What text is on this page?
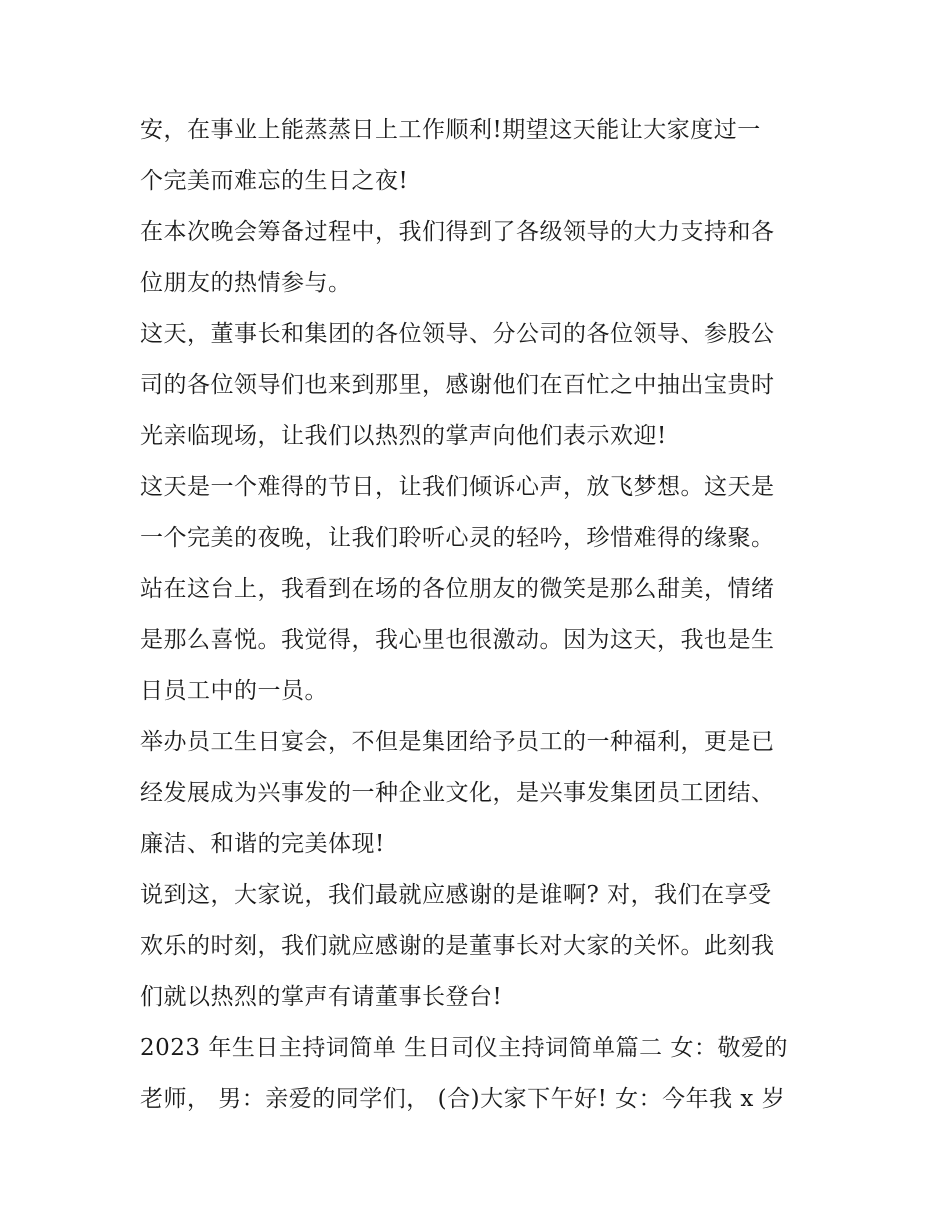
安，在事业上能蒸蒸日上工作顺利!期望这天能让大家度过一
个完美而难忘的生日之夜!
在本次晚会筹备过程中，我们得到了各级领导的大力支持和各
位朋友的热情参与。
这天，董事长和集团的各位领导、分公司的各位领导、参股公
司的各位领导们也来到那里，感谢他们在百忙之中抽出宝贵时
光亲临现场，让我们以热烈的掌声向他们表示欢迎!
这天是一个难得的节日，让我们倾诉心声，放飞梦想。这天是
一个完美的夜晚，让我们聆听心灵的轻吟，珍惜难得的缘聚。
站在这台上，我看到在场的各位朋友的微笑是那么甜美，情绪
是那么喜悦。我觉得，我心里也很激动。因为这天，我也是生
日员工中的一员。
举办员工生日宴会，不但是集团给予员工的一种福利，更是已
经发展成为兴事发的一种企业文化，是兴事发集团员工团结、
廉洁、和谐的完美体现!
说到这，大家说，我们最就应感谢的是谁啊? 对，我们在享受
欢乐的时刻，我们就应感谢的是董事长对大家的关怀。此刻我
们就以热烈的掌声有请董事长登台!
2023 年生日主持词简单 生日司仪主持词简单篇二 女：敬爱的
老师， 男：亲爱的同学们， (合)大家下午好! 女：今年我 x 岁
